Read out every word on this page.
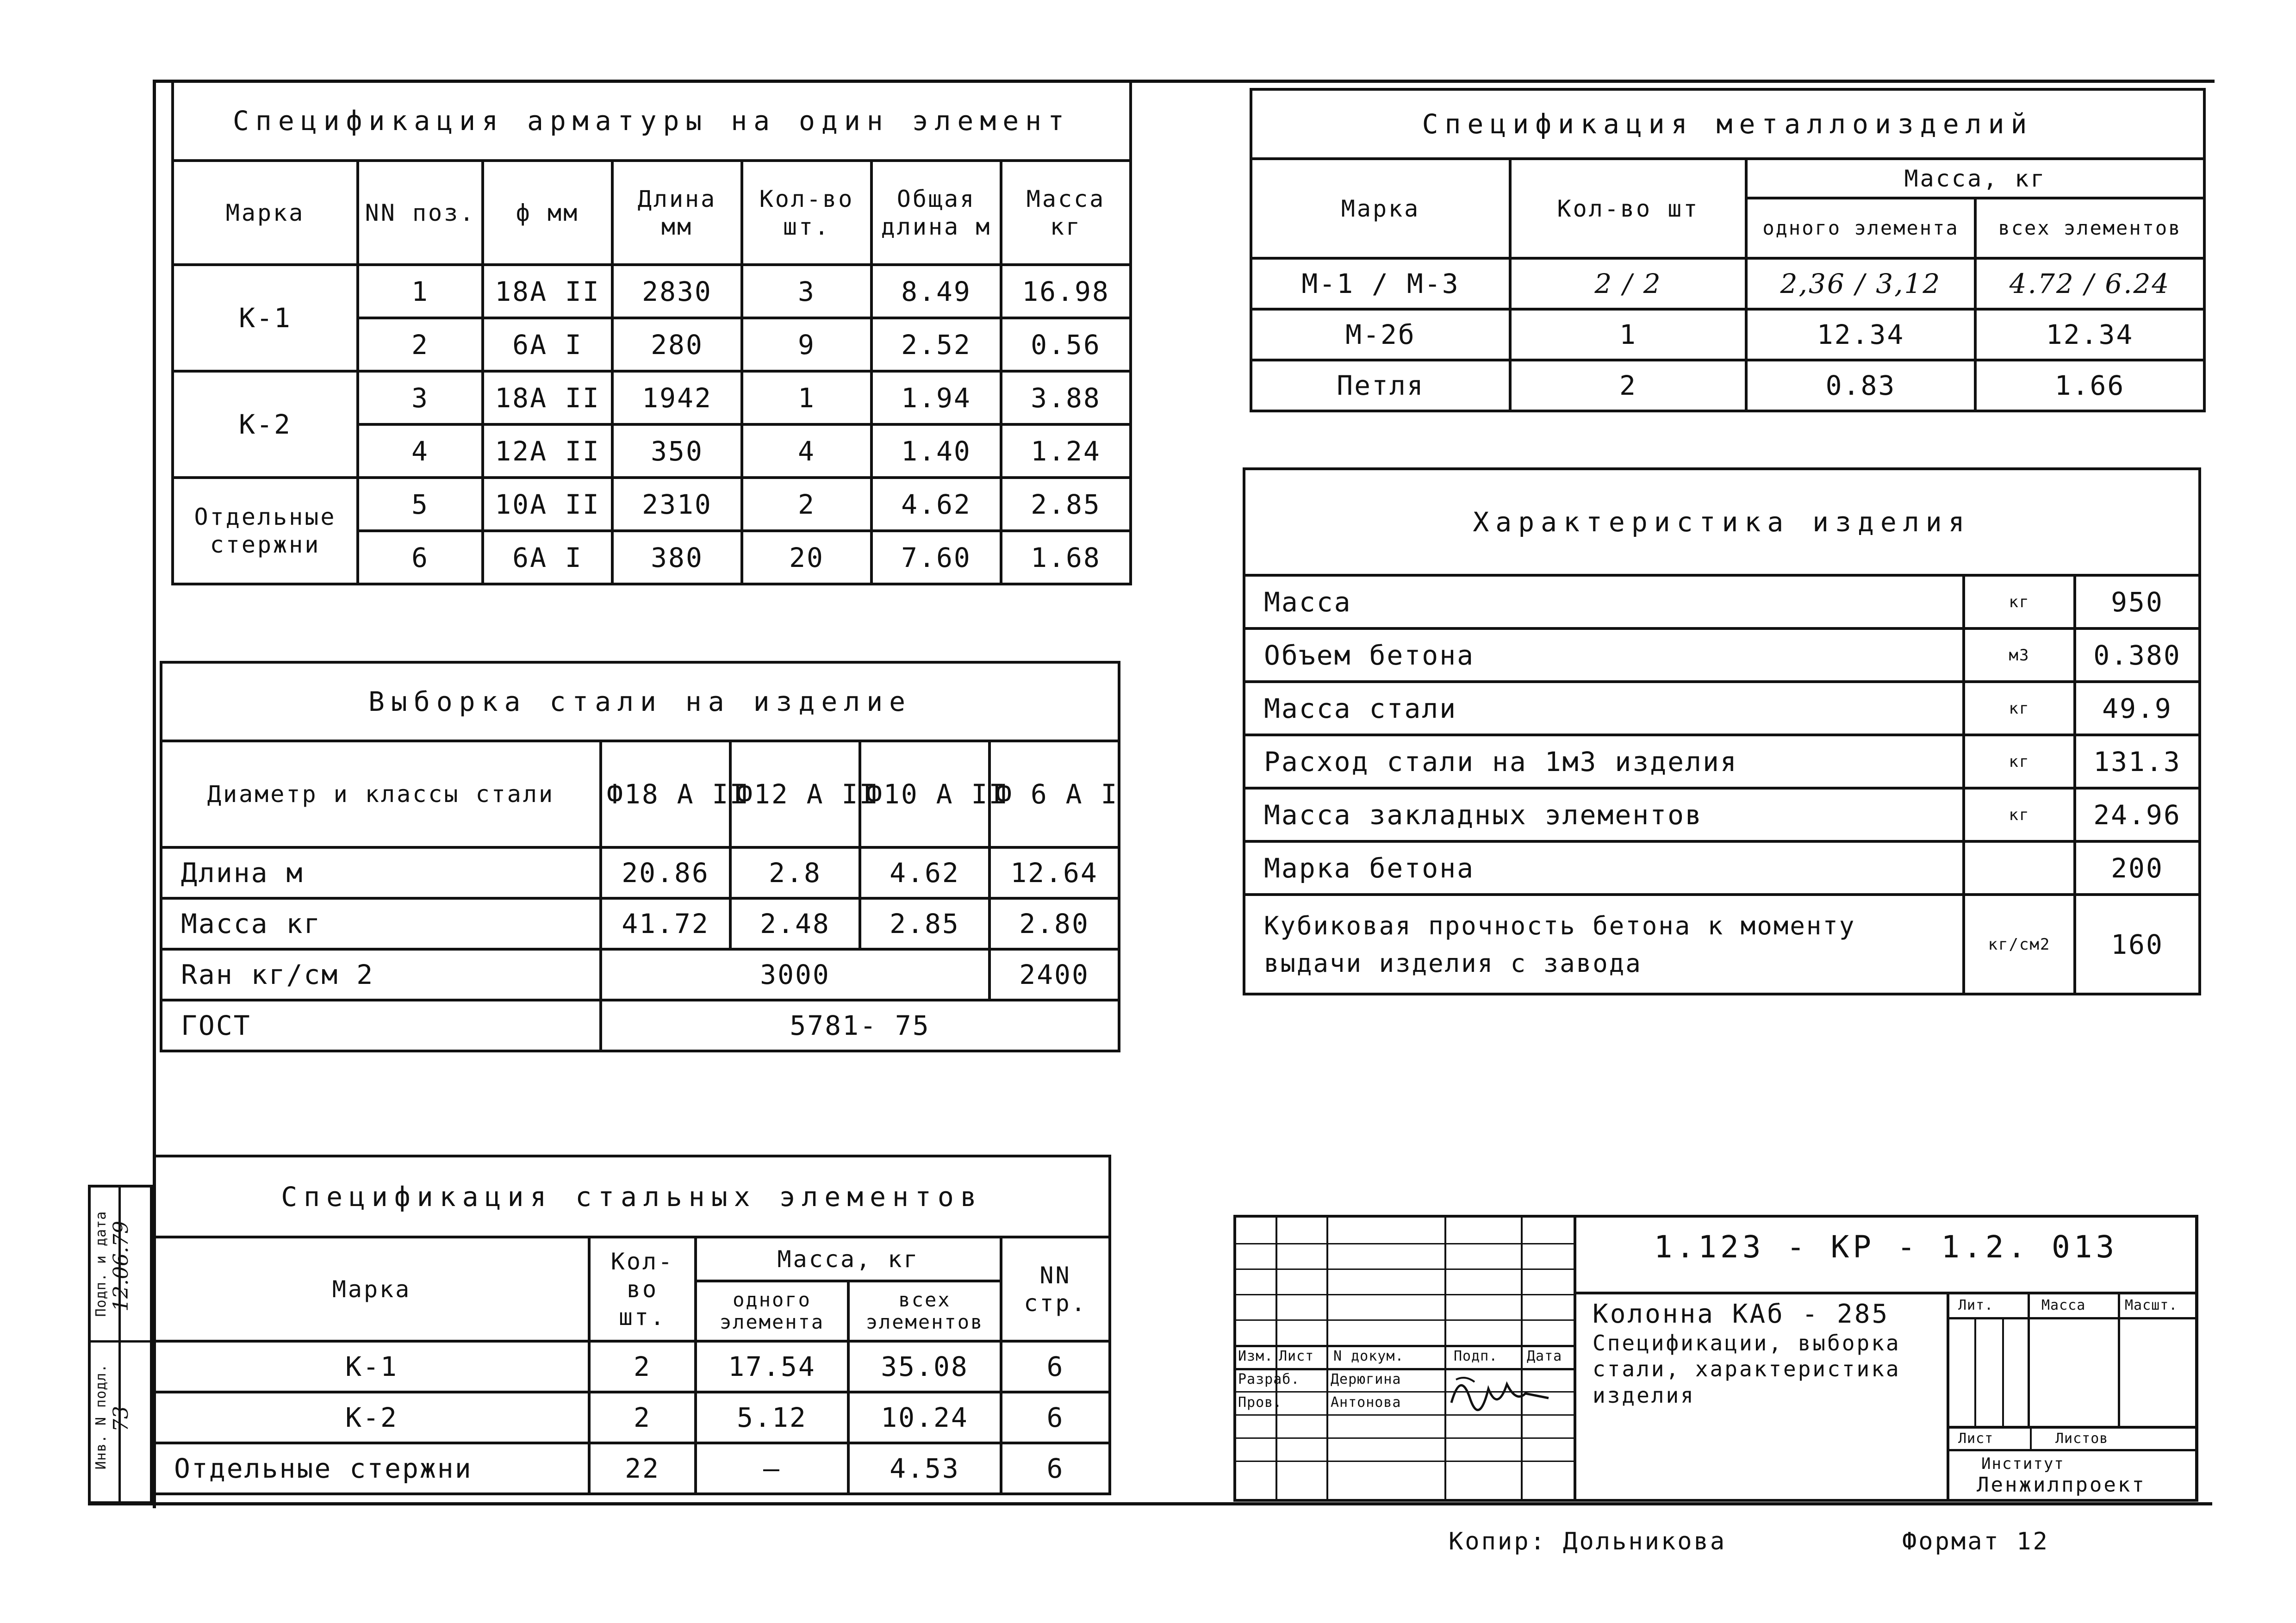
Спецификация арматуры на один элемент						
Марка	NN поз.	ф мм	Длина мм	Кол-во шт.	Общая длина м	Масса кг
К-1	1	18А II	2830	3	8.49	16.98
	2	6А I	280	9	2.52	0.56
К-2	3	18А II	1942	1	1.94	3.88
	4	12А II	350	4	1.40	1.24
Отдельные стержни	5	10А II	2310	2	4.62	2.85
	6	6А I	380	20	7.60	1.68
Спецификация металлоизделий			
Марка	Кол-во шт	Масса, кг	
		одного элемента	всех элементов
М-1 / М-3	2 / 2	2,36 / 3,12	4.72 / 6.24
М-2б	1	12.34	12.34
Петля	2	0.83	1.66
Характеристика изделия		
Масса	кг	950
Объем бетона	м3	0.380
Масса стали	кг	49.9
Расход стали на 1м3 изделия	кг	131.3
Масса закладных элементов	кг	24.96
Марка бетона		200

Кубиковая прочность бетона к моменту
выдачи изделия с завода	кг/см2	160
Выборка стали на изделие				
Диаметр и классы стали	Ф18 А II	Ф12 А II	Ф10 А II	Ф 6 А I
Длина м	20.86	2.8	4.62	12.64
Масса кг	41.72	2.48	2.85	2.80
Rан кг/см 2	3000			2400
ГОСТ	5781- 75			
Спецификация стальных элементов				
Марка	Кол-во шт.	Масса, кг		NN стр.
		одного элемента	всех элементов	
К-1	2	17.54	35.08	6
К-2	2	5.12	10.24	6
Отдельные стержни	22	—	4.53	6
Инв. N подл.
Подп. и дата
73
12.06.79
Изм. Лист N докум.	Подп. Дата
Разраб. Дерюгина
Пров.	Антонова
1.123 - КР - 1.2. 013
Колонна КАб - 285
Спецификации, выборка
стали, характеристика
изделия
Лит.	Масса	Масшт.
Лист	Листов
Институт
Ленжилпроект
Копир: Дольникова	Формат 12
